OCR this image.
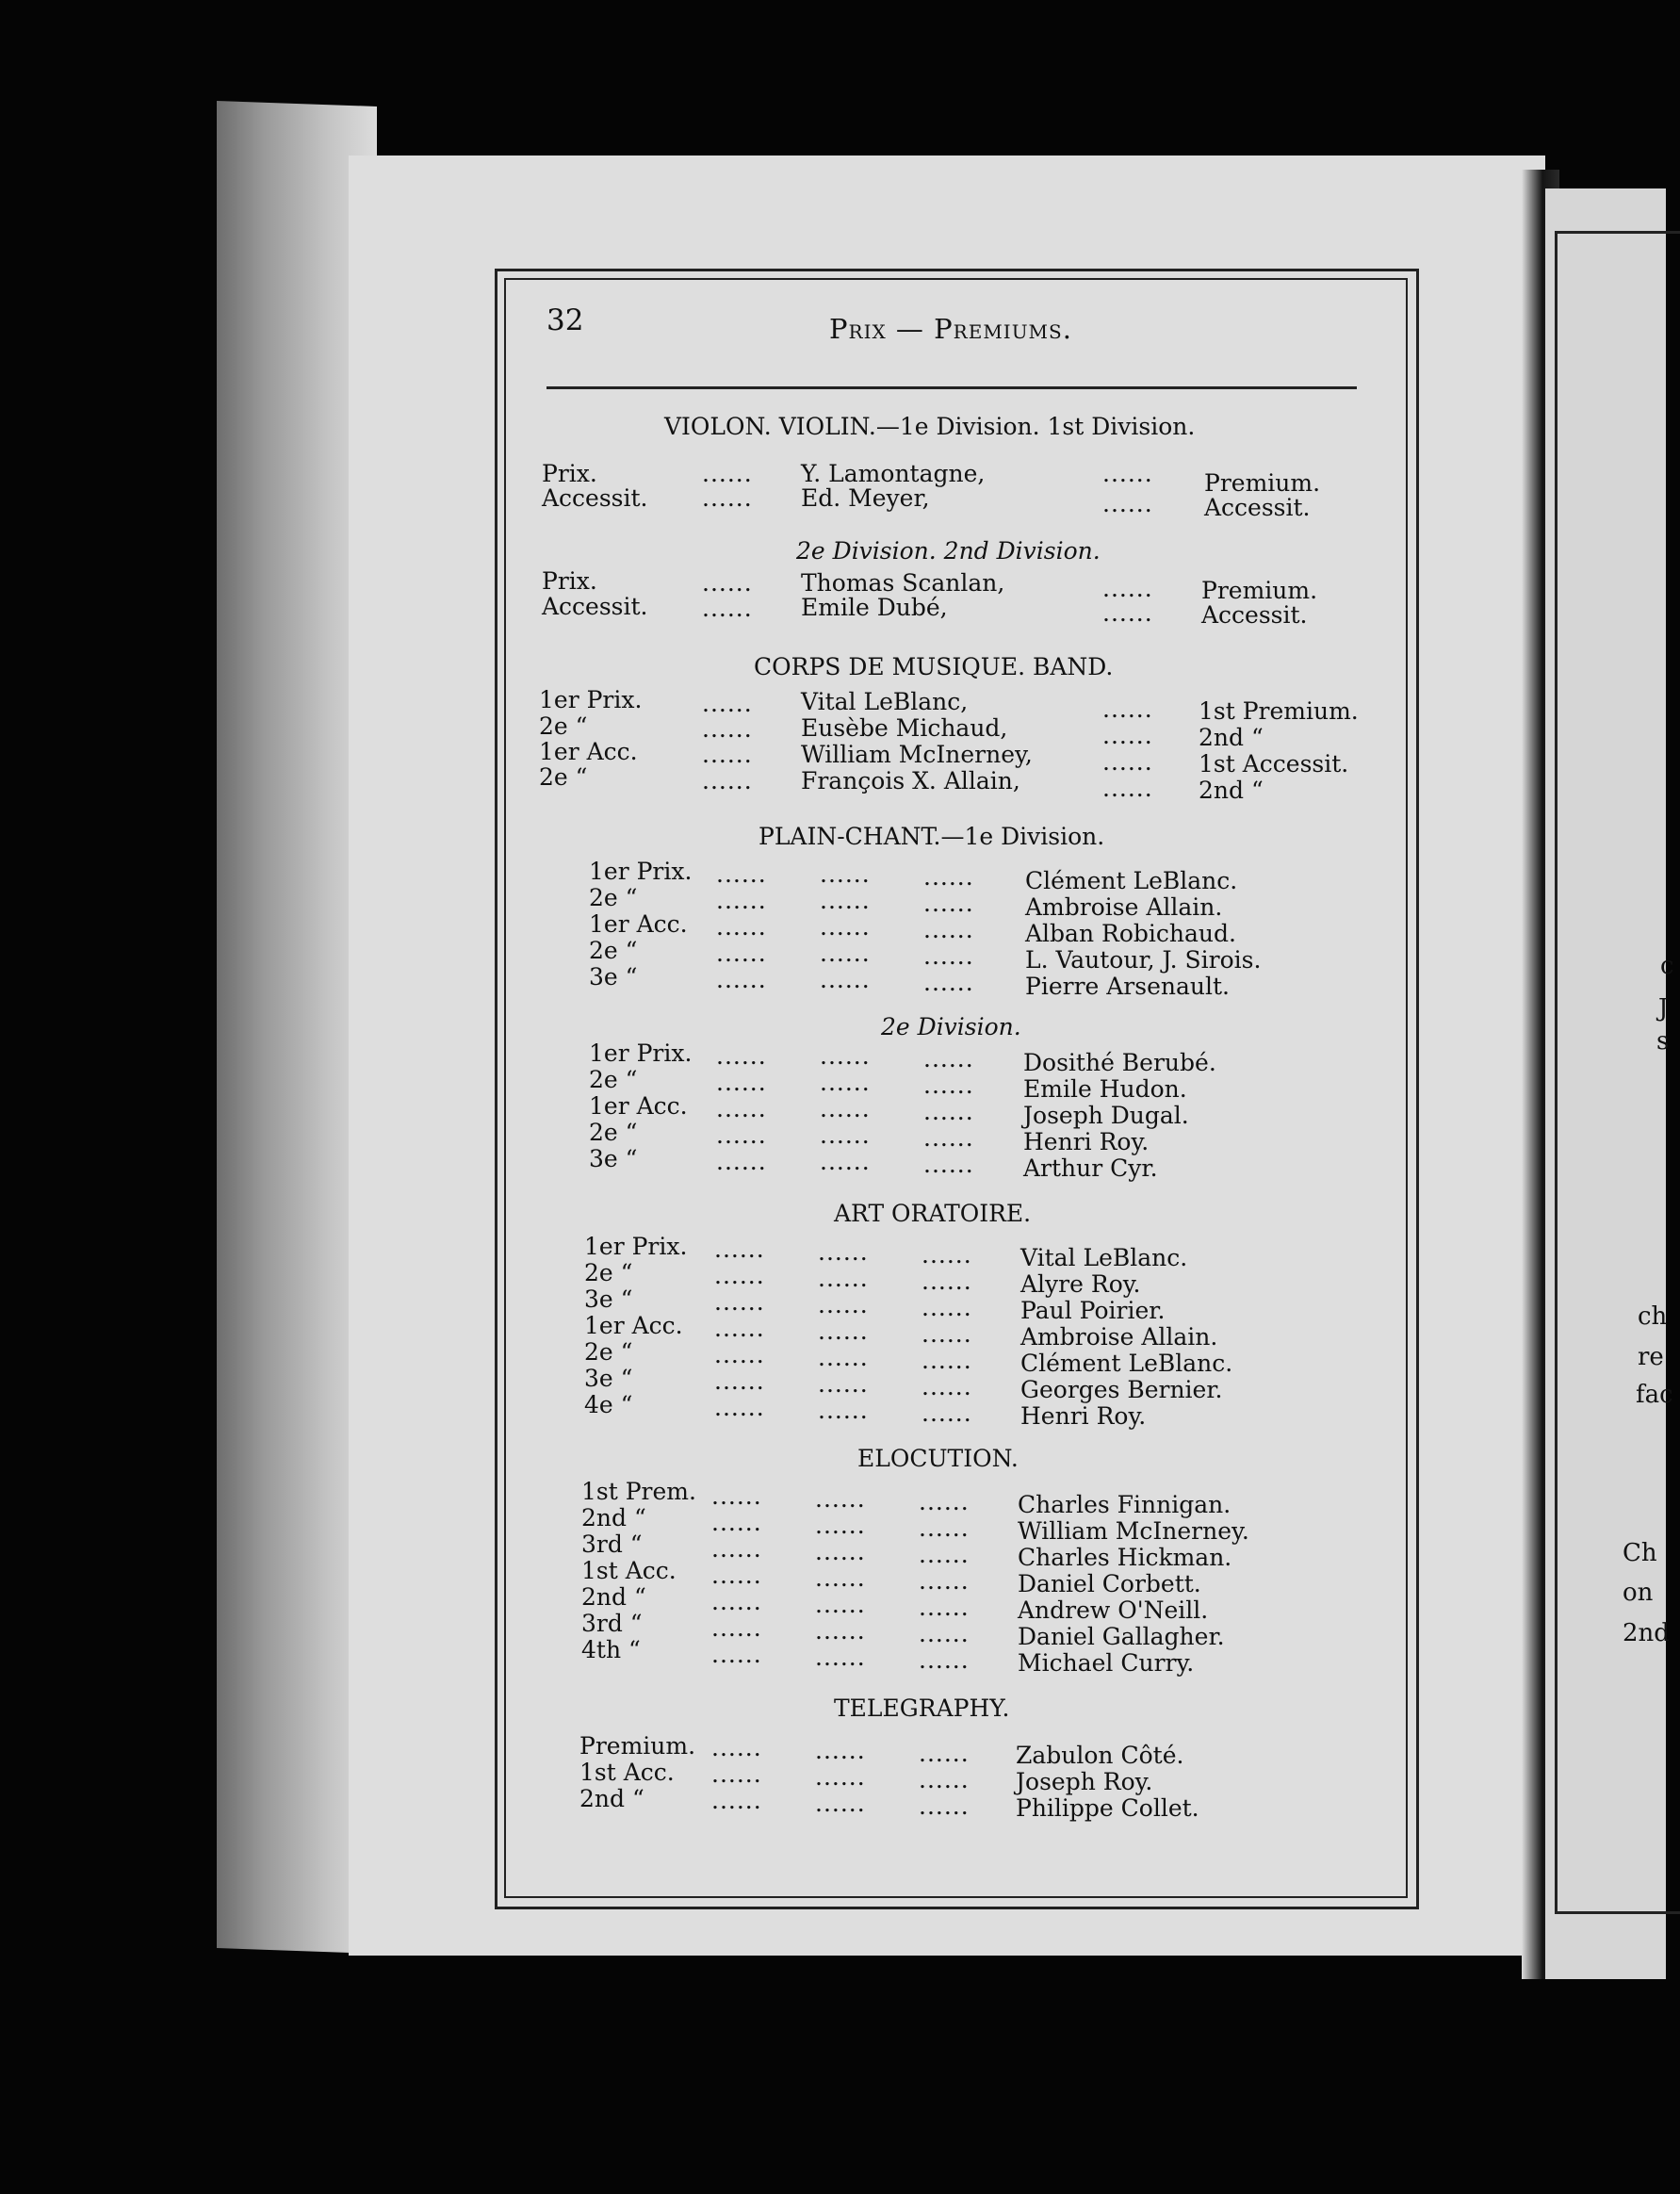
c
J
s
ch
re
fac
Ch
on
2nd
32	Prix — Premiums.
VIOLON. VIOLIN.—1e Division. 1st Division.
Prix.	...... Y. Lamontagne,	...... Premium.
Accessit. ...... Ed. Meyer,	...... Accessit.
2e Division. 2nd Division.
Prix.	...... Thomas Scanlan,	...... Premium.
Accessit. ...... Emile Dubé,	...... Accessit.
CORPS DE MUSIQUE. BAND.
1er Prix.	...... Vital LeBlanc,	...... 1st Premium.
2e “	...... Eusèbe Michaud,	...... 2nd “
1er Acc.	...... William McInerney,	...... 1st Accessit.
2e “	...... François X. Allain,	...... 2nd “
PLAIN-CHANT.—1e Division.
1er Prix. ...... ...... ...... Clément LeBlanc.
2e “	...... ...... ...... Ambroise Allain.
1er Acc. ...... ...... ...... Alban Robichaud.
2e “	...... ...... ...... L. Vautour, J. Sirois.
3e “	...... ...... ...... Pierre Arsenault.
2e Division.
1er Prix. ...... ...... ...... Dosithé Berubé.
2e “	...... ...... ...... Emile Hudon.
1er Acc. ...... ...... ...... Joseph Dugal.
2e “	...... ...... ...... Henri Roy.
3e “	...... ...... ...... Arthur Cyr.
ART ORATOIRE.
1er Prix. ...... ...... ...... Vital LeBlanc.
2e “	...... ...... ...... Alyre Roy.
3e “	...... ...... ...... Paul Poirier.
1er Acc. ...... ...... ...... Ambroise Allain.
2e “	...... ...... ...... Clément LeBlanc.
3e “	...... ...... ...... Georges Bernier.
4e “	...... ...... ...... Henri Roy.
ELOCUTION.
1st Prem. ...... ...... ...... Charles Finnigan.
2nd “	...... ...... ...... William McInerney.
3rd “	...... ...... ...... Charles Hickman.
1st Acc. ...... ...... ...... Daniel Corbett.
2nd “	...... ...... ...... Andrew O'Neill.
3rd “	...... ...... ...... Daniel Gallagher.
4th “	...... ...... ...... Michael Curry.
TELEGRAPHY.
Premium. ...... ...... ...... Zabulon Côté.
1st Acc. ...... ...... ...... Joseph Roy.
2nd “	...... ...... ...... Philippe Collet.
